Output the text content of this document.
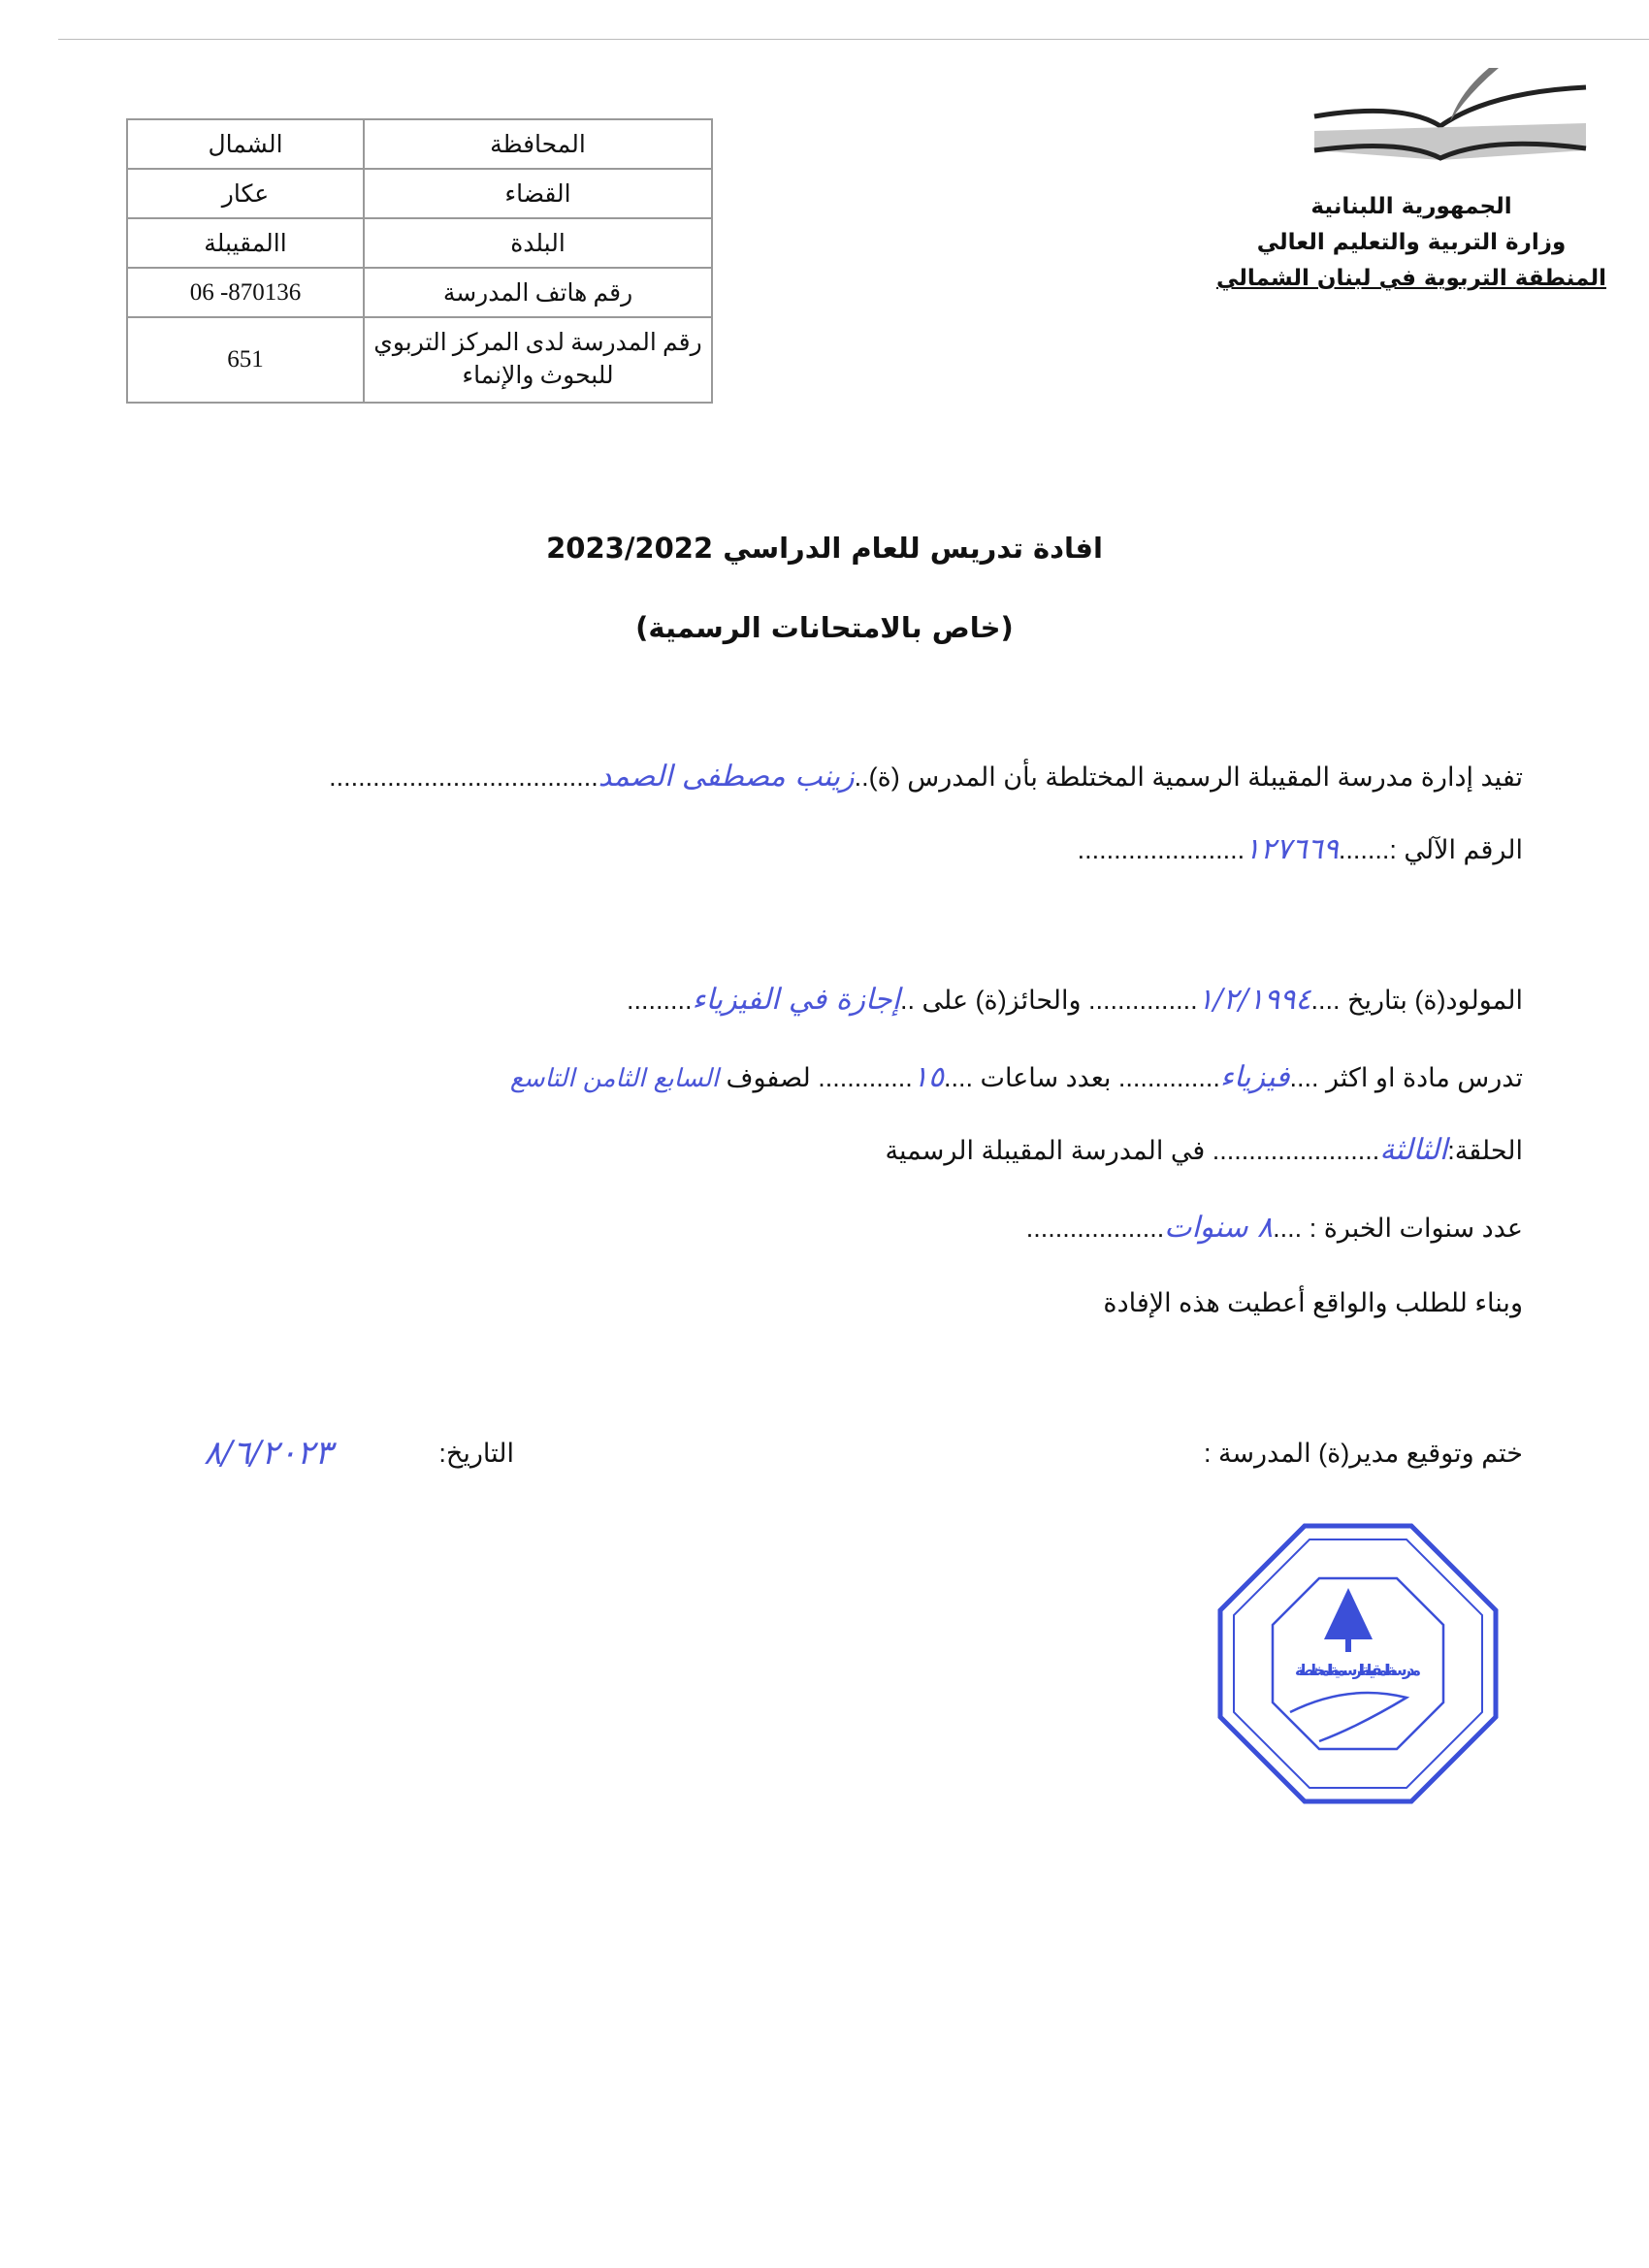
المحافظة	الشمال
القضاء	عكار
البلدة	االمقيبلة
رقم هاتف المدرسة	06 -870136
رقم المدرسة لدى المركز التربوي للبحوث والإنماء	651
الجمهورية اللبنانية
وزارة التربية والتعليم العالي
المنطقة التربوية في لبنان الشمالي
افادة تدريس للعام الدراسي 2023/2022
(خاص بالامتحانات الرسمية)
تفيد إدارة مدرسة المقيبلة الرسمية المختلطة بأن المدرس (ة)..زينب مصطفى الصمد.....................................
الرقم الآلي :.......١٢٧٦٦٩.......................
المولود(ة) بتاريخ ....١/٢/١٩٩٤............... والحائز(ة) على ..إجازة في الفيزياء.........
تدرس مادة او اكثر ....فيزياء.............. بعدد ساعات ....١٥............. لصفوف السابع الثامن التاسع
الحلقة:الثالثة....................... في المدرسة المقيبلة الرسمية
عدد سنوات الخبرة : ....٨ سنوات...................
وبناء للطلب والواقع أعطيت هذه الإفادة
ختم وتوقيع مدير(ة) المدرسة :
التاريخ:
٨/٦/٢٠٢٣
مدرسة المقيبلة الرسمية المختلطة
